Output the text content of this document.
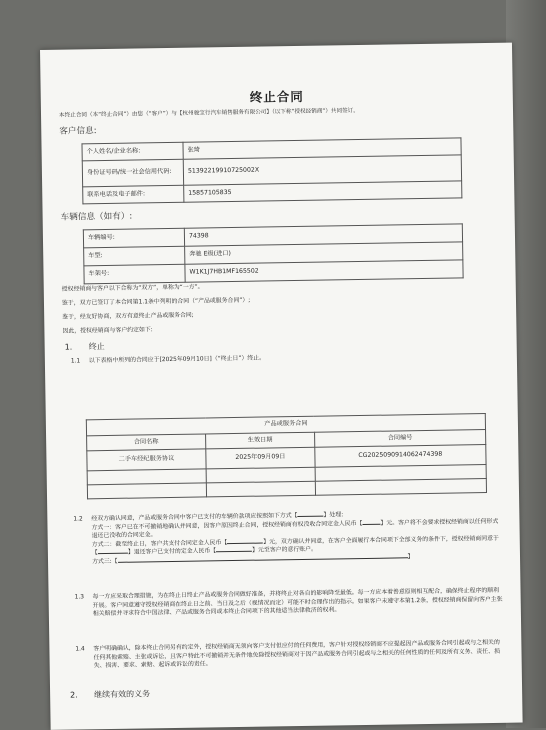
终止合同
本终止合同（本“终止合同”）由您（“客户”）与【杭州骏宝行汽车销售服务有限公司】（以下称“授权经销商”）共同签订。
客户信息:
个人姓名/企业名称:	张琦
身份证号码/统一社会信用代码:	51392219910725002X
联系电话及电子邮件:	15857105835
车辆信息（如有）:
车辆编号:	74398
车型:	奔驰 E级(进口)
车架号:	W1K1J7HB1MF165502
授权经销商与客户以下合称为“双方”，单称为“一方”。
鉴于，双方已签订了本合同第1.1条中列明的合同（“产品或服务合同”）;
鉴于，经友好协商，双方有意终止产品或服务合同;
因此，授权经销商与客户约定如下:
1. 终止
1.1	以下表格中所列的合同应于[2025年09月10日]（“终止日”）终止。
产品或服务合同		
合同名称	生效日期	合同编号
二手车经纪服务协议	2025年09月09日	CG2025090914062474398

1.2	经双方确认同意，产品或服务合同中客户已支付的车辆价款项应按照如下方式【	】处理:
方式一：客户已在不可撤销地确认并同意，因客户原因终止合同，授权经销商有权没收合同定金人民币【	】元。客户将不会要求授权经销商以任何形式退还已没收的合同定金。
方式二：截至终止日，客户共支付合同定金人民币【	】元，双方确认并同意，在客户全面履行本合同项下全部义务的条件下，授权经销商同意于【	】退还客户已支付的定金人民币【	】元至客户的意行账户。
方式三:【】
1.3	每一方应采取合理措施，为在终止日终止产品或服务合同做好准备，并将终止对各自的影响降至最低。每一方应本着善意原则相互配合，确保终止程序的顺利开展。客户同意遵守授权经销商在终止日之前、当日及之后（视情况而定）可能不时合理作出的指示。如果客户未遵守本第1.2条，授权经销商保留向客户主张相关赔偿并寻求符合中国法律、产品或服务合同或本终止合同项下的其他适当法律救济的权利。
1.4	客户明确确认，除本终止合同另有约定外，授权经销商无须向客户支付但应付的任何费用，客户针对授权经销商不应提起因产品或服务合同引起或与之相关的任何其他索赔、主张或诉讼，且客户特此不可撤销并无条件地免除授权经销商对于因产品或服务合同引起或与之相关的任何性质的任何及所有义务、责任、损失、损害、要求、索赔、起诉或诉讼的责任。
2. 继续有效的义务
